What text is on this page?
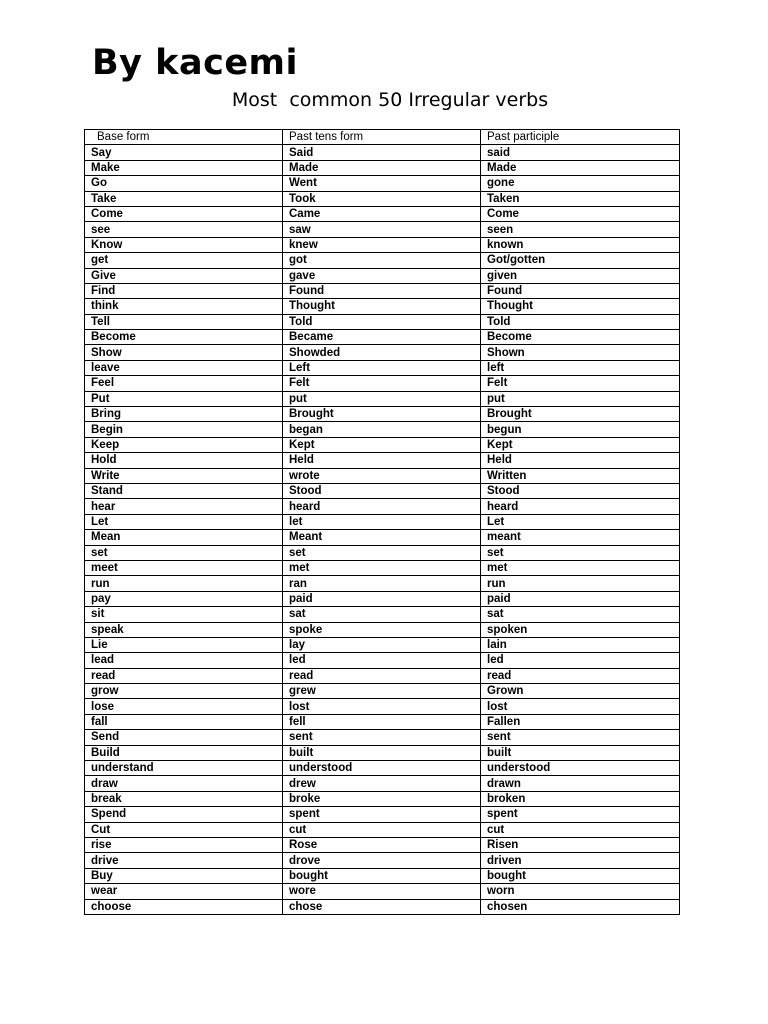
By kacemi
Most  common 50 Irregular verbs
Base form	Past tens form	Past participle
Say	Said	said
Make	Made	Made
Go	Went	gone
Take	Took	Taken
Come	Came	Come
see	saw	seen
Know	knew	known
get	got	Got/gotten
Give	gave	given
Find	Found	Found
think	Thought	Thought
Tell	Told	Told
Become	Became	Become
Show	Showded	Shown
leave	Left	left
Feel	Felt	Felt
Put	put	put
Bring	Brought	Brought
Begin	began	begun
Keep	Kept	Kept
Hold	Held	Held
Write	wrote	Written
Stand	Stood	Stood
hear	heard	heard
Let	let	Let
Mean	Meant	meant
set	set	set
meet	met	met
run	ran	run
pay	paid	paid
sit	sat	sat
speak	spoke	spoken
Lie	lay	lain
lead	led	led
read	read	read
grow	grew	Grown
lose	lost	lost
fall	fell	Fallen
Send	sent	sent
Build	built	built
understand	understood	understood
draw	drew	drawn
break	broke	broken
Spend	spent	spent
Cut	cut	cut
rise	Rose	Risen
drive	drove	driven
Buy	bought	bought
wear	wore	worn
choose	chose	chosen
